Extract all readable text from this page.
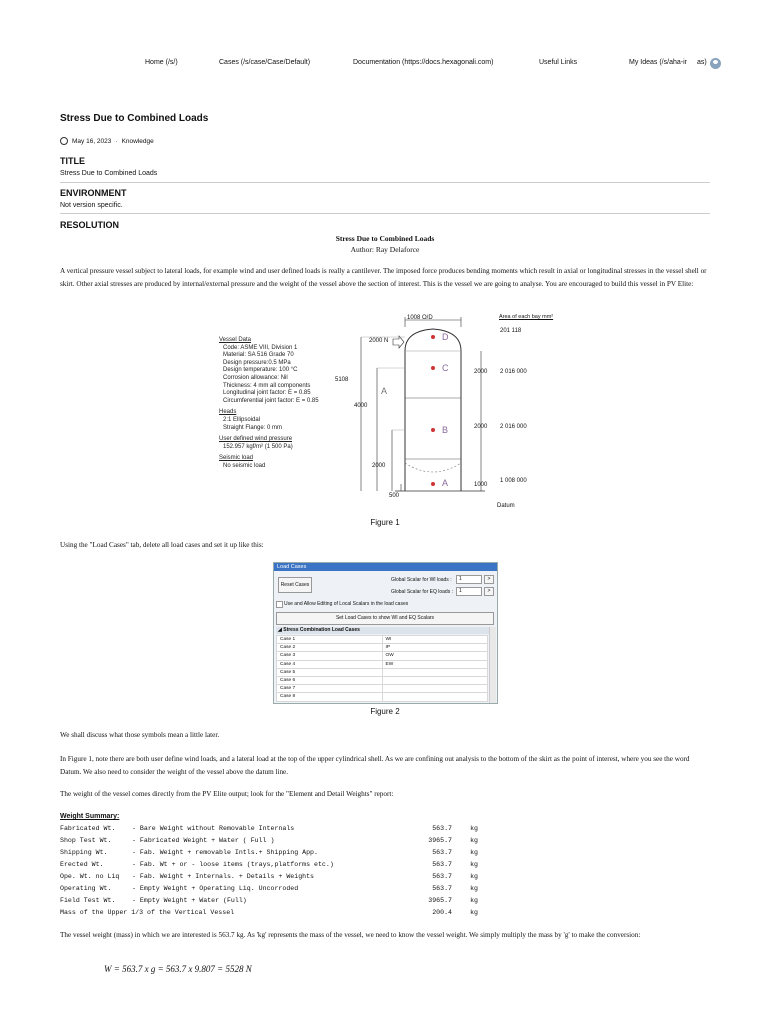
Home (/s/)	Cases (/s/case/Case/Default)	Documentation (https://docs.hexagonali.com)	Useful Links	My Ideas (/s/aha-ir as)
Stress Due to Combined Loads
May 16, 2023 · Knowledge
TITLE
Stress Due to Combined Loads
ENVIRONMENT
Not version specific.
RESOLUTION
Stress Due to Combined Loads
Author: Ray Delaforce
A vertical pressure vessel subject to lateral loads, for example wind and user defined loads is really a cantilever. The imposed force produces bending moments which result in axial or longitudinal stresses in the vessel shell or skirt. Other axial stresses are produced by internal/external pressure and the weight of the vessel above the section of interest. This is the vessel we are going to analyse. You are encouraged to build this vessel in PV Elite:
Vessel Data
Code: ASME VIII, Division 1
Material: SA 516 Grade 70
Design pressure:0.5 MPa
Design temperature: 100 °C
Corrosion allowance: Nil
Thickness: 4 mm all components
Longitudinal joint factor: E = 0.85
Circumferential joint factor: E = 0.85
Heads
2:1 Ellipsoidal
Straight Flange: 0 mm
User defined wind pressure
152.957 kgf/m² (1 500 Pa)
Seismic load
No seismic load
1008 O/D	Area of each bay mm²
201 118
2000 N
5108
4000
2000
500
2000
2000
1000
2 016 000
2 016 000
1 008 000
Datum
D
C
B
A
A
Figure 1
Using the "Load Cases" tab, delete all load cases and set it up like this:
Load Cases
Reset Cases
Global Scalar for Wl loads :
Global Scalar for EQ loads :
1
1
>
>
Use and Allow Editing of Local Scalars in the load cases
Set Load Cases to show WI and EQ Scalars
◢ Stress Combination Load Cases
Case 1	WI
Case 2	IP
Case 3	OW
Case 4	EW
Case 5	
Case 6	
Case 7	
Case 8	
Figure 2
We shall discuss what those symbols mean a little later.
In Figure 1, note there are both user define wind loads, and a lateral load at the top of the upper cylindrical shell. As we are confining out analysis to the bottom of the skirt as the point of interest, where you see the word Datum. We also need to consider the weight of the vessel above the datum line.
The weight of the vessel comes directly from the PV Elite output; look for the "Element and Detail Weights" report:
Weight Summary:
Fabricated Wt.	- Bare Weight without Removable Internals	563.7	kg
Shop Test Wt.	- Fabricated Weight + Water ( Full )	3965.7	kg
Shipping Wt.	- Fab. Weight + removable Intls.+ Shipping App.	563.7	kg
Erected Wt.	- Fab. Wt + or - loose items (trays,platforms etc.)	563.7	kg
Ope. Wt. no Liq	- Fab. Weight + Internals. + Details + Weights	563.7	kg
Operating Wt.	- Empty Weight + Operating Liq. Uncorroded	563.7	kg
Field Test Wt.	- Empty Weight + Water (Full)	3965.7	kg
Mass of the Upper 1/3 of the Vertical Vessel	200.4	kg
The vessel weight (mass) in which we are interested is 563.7 kg. As 'kg' represents the mass of the vessel, we need to know the vessel weight. We simply multiply the mass by 'g' to make the conversion:
W = 563.7 x g = 563.7 x 9.807 = 5528 N
